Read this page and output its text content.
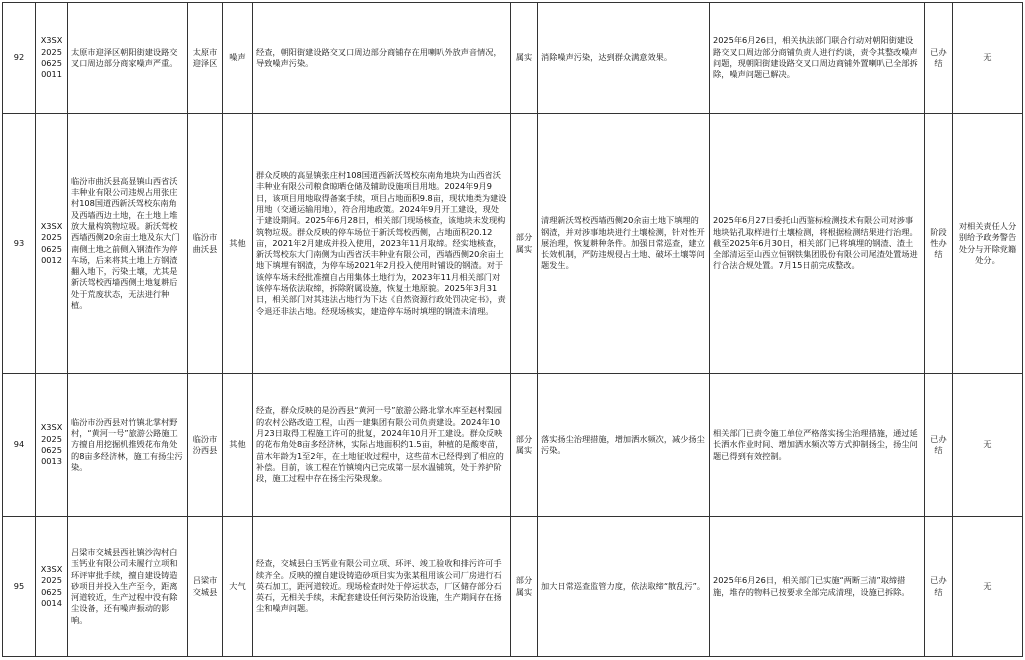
92	X3SX202506250011	太原市迎泽区朝阳街建设路交叉口周边部分商家噪声严重。	太原市迎泽区	噪声	经查，朝阳街建设路交叉口周边部分商铺存在用喇叭外放声音情况，导致噪声污染。	属实	消除噪声污染，达到群众满意效果。	2025年6月26日，相关执法部门联合行动对朝阳街建设路交叉口周边部分商铺负责人进行约谈，责令其整改噪声问题，现朝阳街建设路交叉口周边商铺外置喇叭已全部拆除，噪声问题已解决。	已办结	无
93	X3SX202506250012	临汾市曲沃县高显镇山西省沃丰种业有限公司违规占用张庄村108国道西新沃驾校东南角及西墙西边土地，在土地上堆放大量构筑物垃圾。新沃驾校西墙西侧20余亩土地及东大门南侧土地之前侧入钢渣作为停车场，后来将其土地上方钢渣翻入地下，污染土壤，尤其是新沃驾校西墙西侧土地复耕后处于荒废状态，无法进行种植。	临汾市曲沃县	其他	群众反映的高显镇张庄村108国道西新沃驾校东南角地块为山西省沃丰种业有限公司粮食晾晒仓储及辅助设施项目用地。2024年9月9日，该项目用地取得备案手续，项目占地面积9.8亩，现状地类为建设用地（交通运输用地），符合用地政策。2024年9月开工建设，现处于建设期间。2025年6月28日，相关部门现场核查，该地块未发现构筑物垃圾。群众反映的停车场位于新沃驾校西侧，占地面积20.12亩，2021年2月建成并投入使用，2023年11月取缔。经实地核查，新沃驾校东大门南侧为山西省沃丰种业有限公司，西墙西侧20余亩土地下填埋有钢渣，为停车场2021年2月投入使用时铺设的钢渣。对于该停车场未经批准擅自占用集体土地行为，2023年11月相关部门对该停车场依法取缔，拆除附属设施，恢复土地原貌。2025年3月31日，相关部门对其违法占地行为下达《自然资源行政处罚决定书》，责令退还非法占地。经现场核实，建造停车场时填埋的钢渣未清理。	部分属实	清理新沃驾校西墙西侧20余亩土地下填埋的钢渣，并对涉事地块进行土壤检测，针对性开展治理，恢复耕种条件。加强日常巡查，建立长效机制，严防违规侵占土地、破坏土壤等问题发生。	2025年6月27日委托山西鉴标检测技术有限公司对涉事地块钻孔取样进行土壤检测，将根据检测结果进行治理。截至2025年6月30日，相关部门已将填埋的钢渣、渣土全部清运至山西立恒钢铁集团股份有限公司尾渣处置场进行合法合规处置。7月15日前完成整改。	阶段性办结	对相关责任人分别给予政务警告处分与开除党籍处分。
94	X3SX202506250013	临汾市汾西县对竹镇北掌村野村，“黄河一号”旅游公路施工方擅自用挖掘机推毁花布角处的8亩多经济林，施工有扬尘污染。	临汾市汾西县	其他	经查，群众反映的是汾西县“黄河一号”旅游公路北掌水库至赵村梨园的农村公路改造工程，山西一建集团有限公司负责建设。2024年10月23日取得工程施工许可的批复，2024年10月开工建设。群众反映的花布角处8亩多经济林，实际占地面积约1.5亩，种植的是酸枣苗，苗木年龄为1至2年，在土地征收过程中，这些苗木已经得到了相应的补偿。目前，该工程在竹镇境内已完成第一层水温铺筑，处于养护阶段，施工过程中存在扬尘污染现象。	部分属实	落实扬尘治理措施，增加洒水频次，减少扬尘污染。	相关部门已责令施工单位严格落实扬尘治理措施，通过延长洒水作业时间、增加洒水频次等方式抑制扬尘，扬尘问题已得到有效控制。	已办结	无
95	X3SX202506250014	吕梁市交城县西社镇沙沟村白玉钙业有限公司未履行立项和环评审批手续，擅自建设铸造砂项目并投入生产至今，距离河道较近，生产过程中没有除尘设备，还有噪声振动的影响。	吕梁市交城县	大气	经查，交城县白玉钙业有限公司立项、环评、竣工验收和排污许可手续齐全。反映的擅自建设铸造砂项目实为张某租用该公司厂房进行石英石加工，距河道较近。现场检查时处于停运状态，厂区储存部分石英石，无相关手续，未配套建设任何污染防治设施，生产期间存在扬尘和噪声问题。	部分属实	加大日常巡查监管力度，依法取缔“散乱污”。	2025年6月26日，相关部门已实施“两断三清”取缔措施，堆存的物料已按要求全部完成清理，设施已拆除。	已办结	无
